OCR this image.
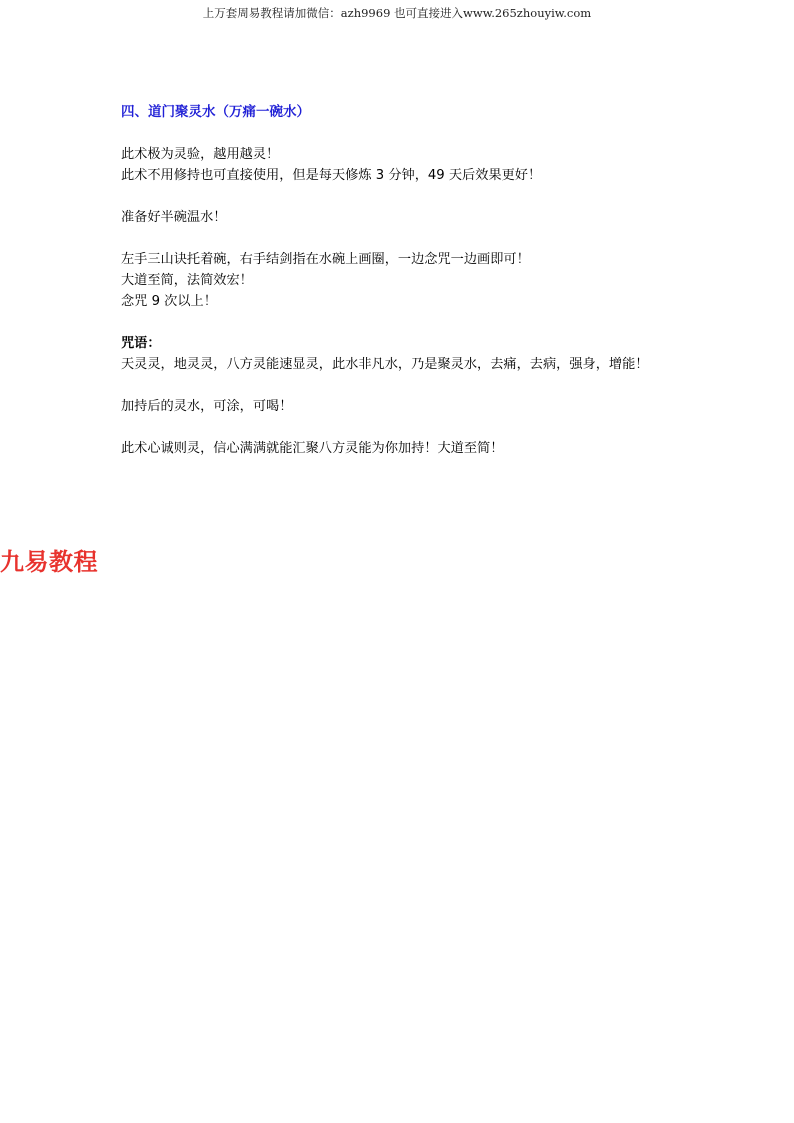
上万套周易教程请加微信：azh9969 也可直接进入www.265zhouyiw.com

四、道门聚灵水（万痛一碗水）

此术极为灵验，越用越灵！

此术不用修持也可直接使用，但是每天修炼 3 分钟，49 天后效果更好！

准备好半碗温水！

左手三山诀托着碗，右手结剑指在水碗上画圈，一边念咒一边画即可！

大道至简，法简效宏！

念咒 9 次以上！

咒语：

天灵灵，地灵灵，八方灵能速显灵，此水非凡水，乃是聚灵水，去痛，去病，强身，增能！

加持后的灵水，可涂，可喝！

此术心诚则灵，信心满满就能汇聚八方灵能为你加持！大道至简！

九易教程
